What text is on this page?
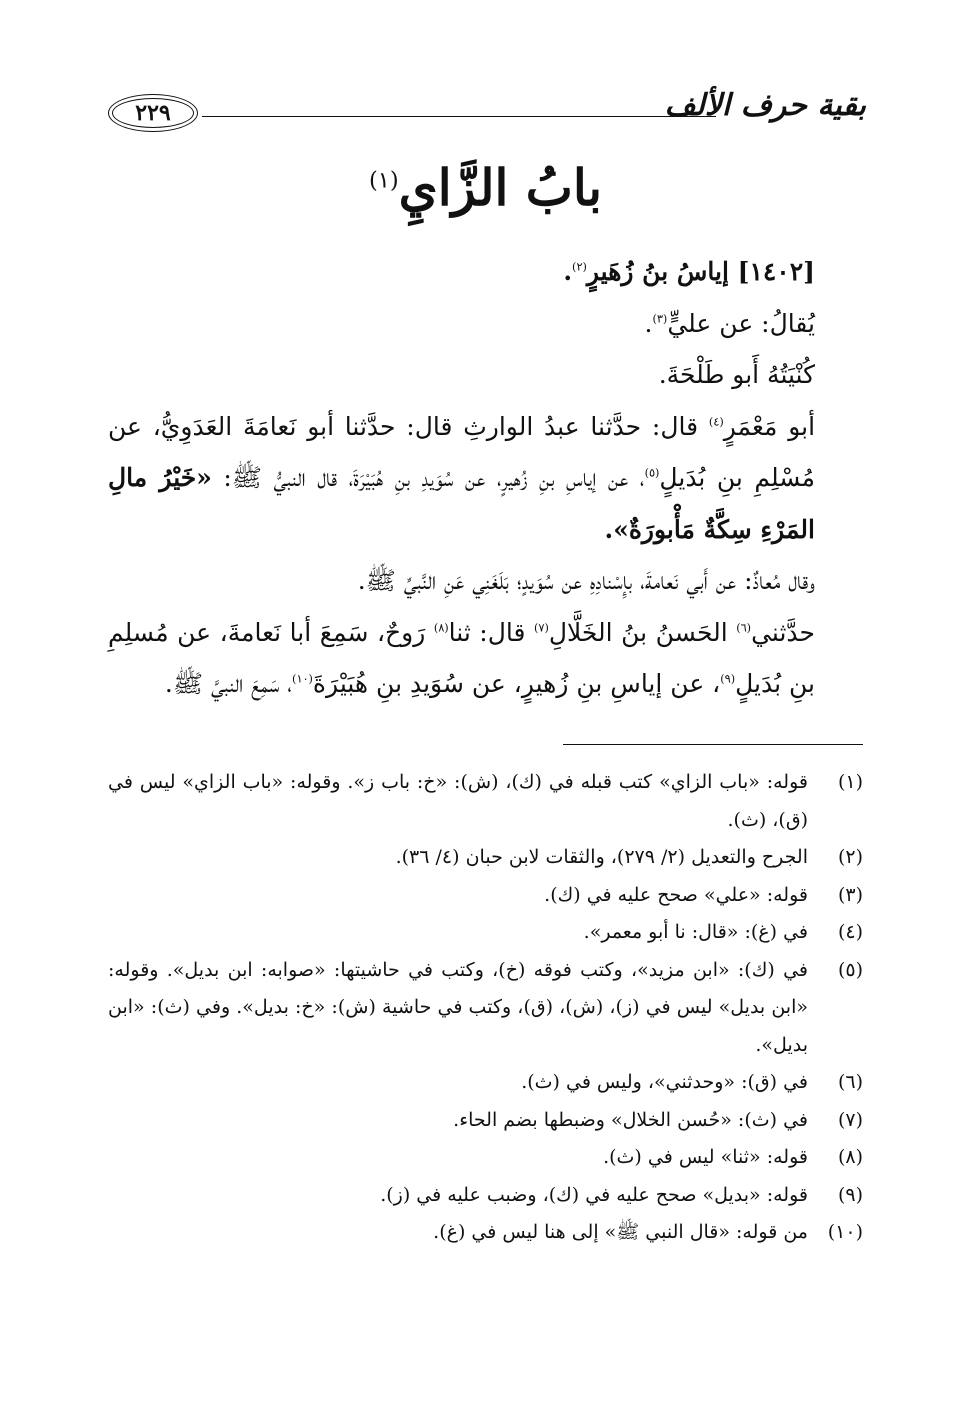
بقية حرف الألف
٢٢٩
بابُ الزَّايِ$^{(١)}$

[١٤٠٢] إياسُ بنُ زُهَيرٍ$^{(٢)}$.

يُقالُ: عن عليٍّ$^{(٣)}$.

كُنْيَتُهُ أَبو طَلْحَةَ.

أبو مَعْمَرٍ$^{(٤)}$ قال: حدَّثنا عبدُ الوارثِ قال: حدَّثنا أبو نَعامَةَ العَدَوِيُّ، عن مُسْلِمِ بنِ بُدَيلٍ$^{(٥)}$، عن إياسِ بنِ زُهيرٍ، عن سُوَيدِ بنِ هُبَيْرَةَ، قال النبيُّ ﷺ: «خَيْرُ مالِ المَرْءِ سِكَّةٌ مَأْبورَةٌ».

وقال مُعاذٌ: عن أَبي نَعامةَ، بإِسْنادِهِ عن سُوَيدٍ؛ بَلَغَنِي عَنِ النَّبيِّ ﷺ.

حدَّثني$^{(٦)}$ الحَسنُ بنُ الخَلَّالِ$^{(٧)}$ قال: ثنا$^{(٨)}$ رَوحٌ، سَمِعَ أبا نَعامةَ، عن مُسلِمِ بنِ بُدَيلٍ$^{(٩)}$، عن إياسِ بنِ زُهيرٍ، عن سُوَيدِ بنِ هُبَيْرَةَ$^{(١٠)}$، سَمِعَ النبيَّ ﷺ.

(١)
قوله: «باب الزاي» كتب قبله في (ك)، (ش): «خ: باب ز». وقوله: «باب الزاي» ليس في (ق)، (ث).
(٢)
الجرح والتعديل (٢/ ٢٧٩)، والثقات لابن حبان (٤/ ٣٦).
(٣)
قوله: «علي» صحح عليه في (ك).
(٤)
في (غ): «قال: نا أبو معمر».
(٥)
في (ك): «ابن مزيد»، وكتب فوقه (خ)، وكتب في حاشيتها: «صوابه: ابن بديل». وقوله: «ابن بديل» ليس في (ز)، (ش)، (ق)، وكتب في حاشية (ش): «خ: بديل». وفي (ث): «ابن بديل».
(٦)
في (ق): «وحدثني»، وليس في (ث).
(٧)
في (ث): «حُسن الخلال» وضبطها بضم الحاء.
(٨)
قوله: «ثنا» ليس في (ث).
(٩)
قوله: «بديل» صحح عليه في (ك)، وضبب عليه في (ز).
(١٠)
من قوله: «قال النبي ﷺ» إلى هنا ليس في (غ).
